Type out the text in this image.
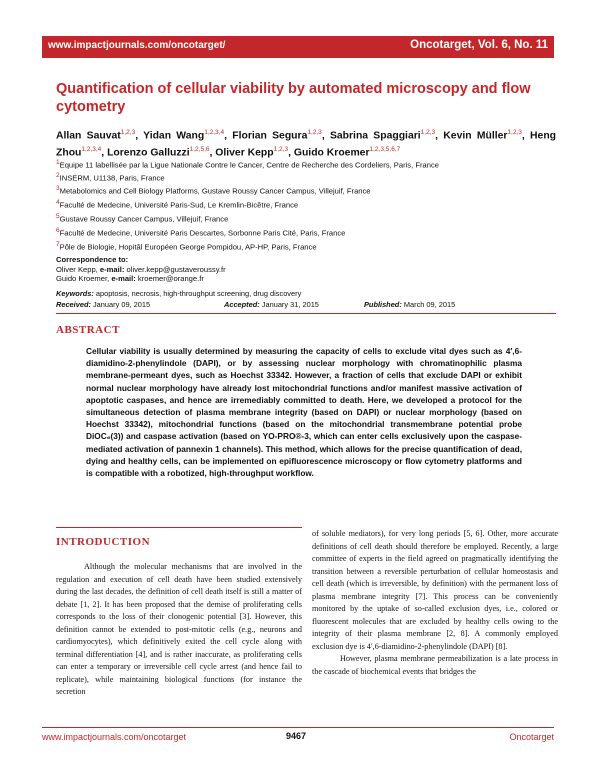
www.impactjournals.com/oncotarget/	Oncotarget, Vol. 6, No. 11
Quantification of cellular viability by automated microscopy and flow cytometry
Allan Sauvat$^{1,2,3}$, Yidan Wang$^{1,2,3,4}$, Florian Segura$^{1,2,3}$, Sabrina Spaggiari$^{1,2,3}$, Kevin Müller$^{1,2,3}$, Heng Zhou$^{1,2,3,4}$, Lorenzo Galluzzi$^{1,2,5,6}$, Oliver Kepp$^{1,2,3}$, Guido Kroemer$^{1,2,3,5,6,7}$
$^1$Equipe 11 labellisée par la Ligue Nationale Contre le Cancer, Centre de Recherche des Cordeliers, Paris, France
$^2$INSERM, U1138, Paris, France
$^3$Metabolomics and Cell Biology Platforms, Gustave Roussy Cancer Campus, Villejuif, France
$^4$Faculté de Medecine, Université Paris-Sud, Le Kremlin-Bicêtre, France
$^5$Gustave Roussy Cancer Campus, Villejuif, France
$^6$Faculté de Medecine, Université Paris Descartes, Sorbonne Paris Cité, Paris, France
$^7$Pôle de Biologie, Hopitâl Européen George Pompidou, AP-HP, Paris, France
Correspondence to:
Oliver Kepp, e-mail: oliver.kepp@gustaveroussy.fr
Guido Kroemer, e-mail: kroemer@orange.fr
Keywords: apoptosis, necrosis, high-throughput screening, drug discovery
Received: January 09, 2015	Accepted: January 31, 2015	Published: March 09, 2015
ABSTRACT
Cellular viability is usually determined by measuring the capacity of cells to exclude vital dyes such as 4′,6-diamidino-2-phenylindole (DAPI), or by assessing nuclear morphology with chromatinophilic plasma membrane-permeant dyes, such as Hoechst 33342. However, a fraction of cells that exclude DAPI or exhibit normal nuclear morphology have already lost mitochondrial functions and/or manifest massive activation of apoptotic caspases, and hence are irremediably committed to death. Here, we developed a protocol for the simultaneous detection of plasma membrane integrity (based on DAPI) or nuclear morphology (based on Hoechst 33342), mitochondrial functions (based on the mitochondrial transmembrane potential probe DiOC₆(3)) and caspase activation (based on YO-PRO®-3, which can enter cells exclusively upon the caspase-mediated activation of pannexin 1 channels). This method, which allows for the precise quantification of dead, dying and healthy cells, can be implemented on epifluorescence microscopy or flow cytometry platforms and is compatible with a robotized, high-throughput workflow.
INTRODUCTION

Although the molecular mechanisms that are involved in the regulation and execution of cell death have been studied extensively during the last decades, the definition of cell death itself is still a matter of debate [1, 2]. It has been proposed that the demise of proliferating cells corresponds to the loss of their clonogenic potential [3]. However, this definition cannot be extended to post-mitotic cells (e.g., neurons and cardiomyocytes), which definitively exited the cell cycle along with terminal differentiation [4], and is rather inaccurate, as proliferating cells can enter a temporary or irreversible cell cycle arrest (and hence fail to replicate), while maintaining biological functions (for instance the secretion

of soluble mediators), for very long periods [5, 6]. Other, more accurate definitions of cell death should therefore be employed. Recently, a large committee of experts in the field agreed on pragmatically identifying the transition between a reversible perturbation of cellular homeostasis and cell death (which is irreversible, by definition) with the permanent loss of plasma membrane integrity [7]. This process can be conveniently monitored by the uptake of so-called exclusion dyes, i.e., colored or fluorescent molecules that are excluded by healthy cells owing to the integrity of their plasma membrane [2, 8]. A commonly employed exclusion dye is 4′,6-diamidino-2-phenylindole (DAPI) [8].

However, plasma membrane permeabilization is a late process in the cascade of biochemical events that bridges the

www.impactjournals.com/oncotarget	9467	Oncotarget
